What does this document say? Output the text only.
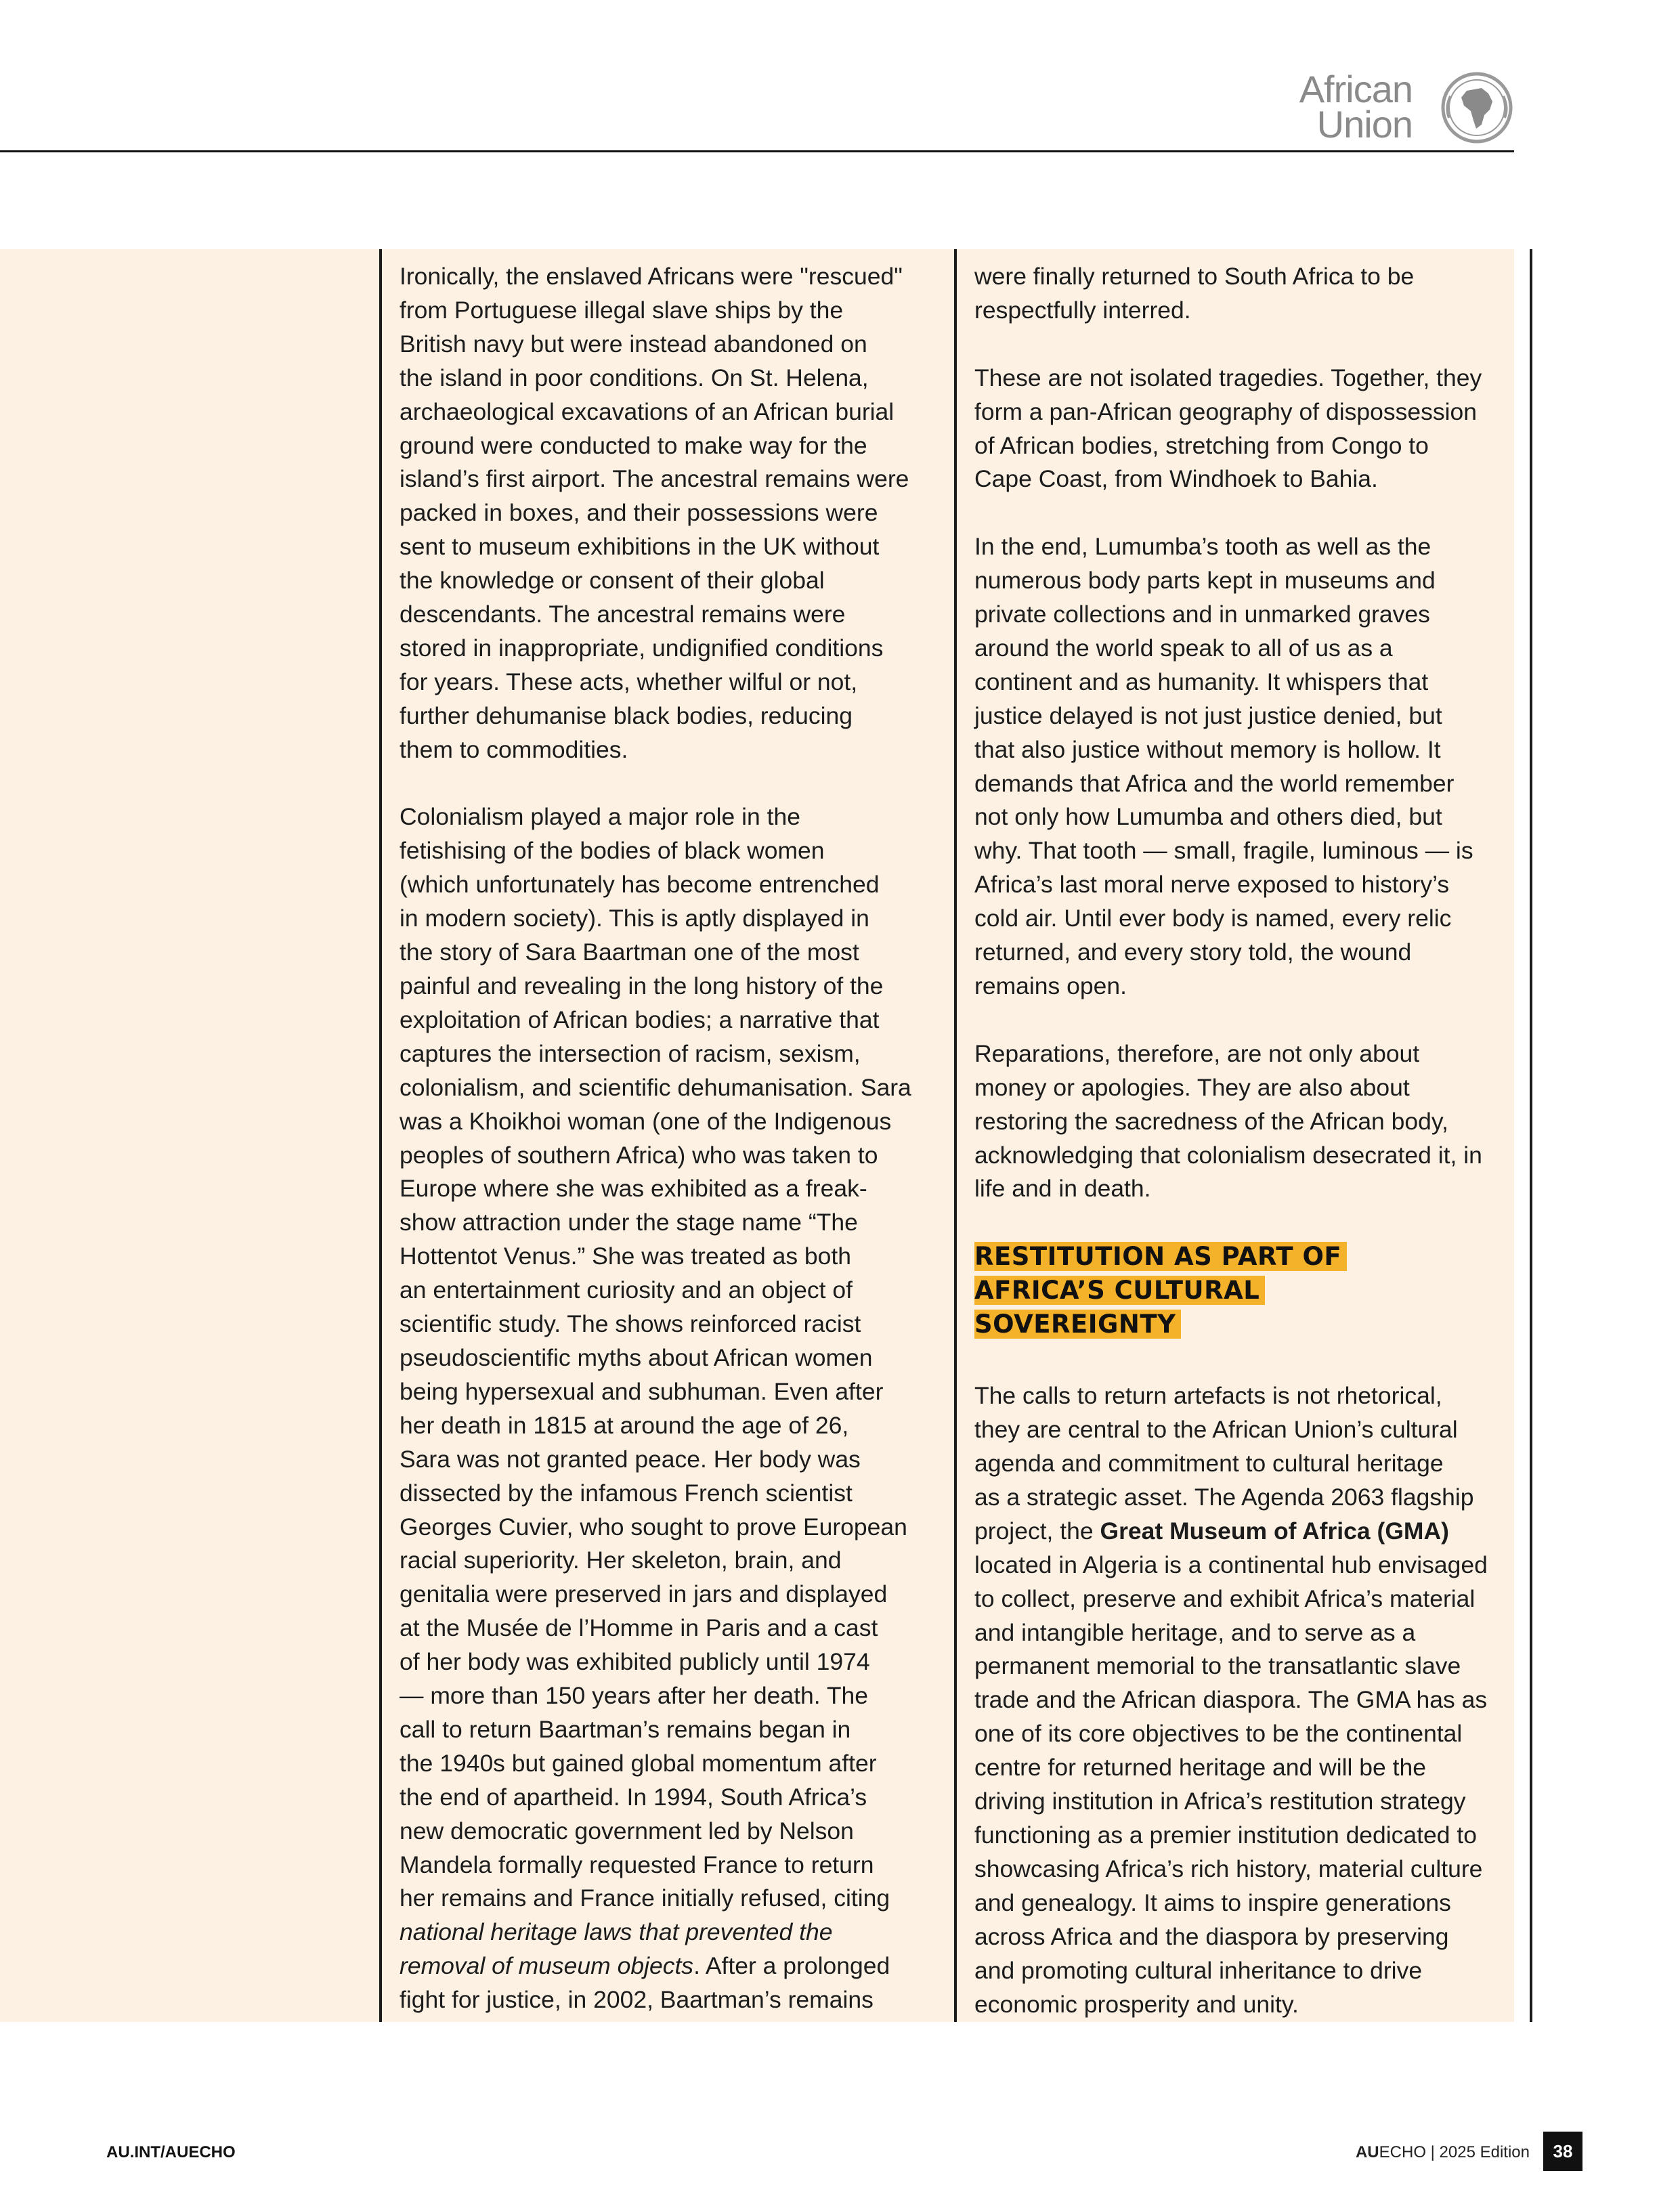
African
Union

Ironically, the enslaved Africans were "rescued"
from Portuguese illegal slave ships by the
British navy but were instead abandoned on
the island in poor conditions. On St. Helena,
archaeological excavations of an African burial
ground were conducted to make way for the
island’s first airport. The ancestral remains were
packed in boxes, and their possessions were
sent to museum exhibitions in the UK without
the knowledge or consent of their global
descendants. The ancestral remains were
stored in inappropriate, undignified conditions
for years. These acts, whether wilful or not,
further dehumanise black bodies, reducing
them to commodities.

Colonialism played a major role in the
fetishising of the bodies of black women
(which unfortunately has become entrenched
in modern society). This is aptly displayed in
the story of Sara Baartman one of the most
painful and revealing in the long history of the
exploitation of African bodies; a narrative that
captures the intersection of racism, sexism,
colonialism, and scientific dehumanisation. Sara
was a Khoikhoi woman (one of the Indigenous
peoples of southern Africa) who was taken to
Europe where she was exhibited as a freak-
show attraction under the stage name “The
Hottentot Venus.” She was treated as both
an entertainment curiosity and an object of
scientific study. The shows reinforced racist
pseudoscientific myths about African women
being hypersexual and subhuman. Even after
her death in 1815 at around the age of 26,
Sara was not granted peace. Her body was
dissected by the infamous French scientist
Georges Cuvier, who sought to prove European
racial superiority. Her skeleton, brain, and
genitalia were preserved in jars and displayed
at the Musée de l’Homme in Paris and a cast
of her body was exhibited publicly until 1974
— more than 150 years after her death. The
call to return Baartman’s remains began in
the 1940s but gained global momentum after
the end of apartheid. In 1994, South Africa’s
new democratic government led by Nelson
Mandela formally requested France to return
her remains and France initially refused, citing
national heritage laws that prevented the
removal of museum objects. After a prolonged
fight for justice, in 2002, Baartman’s remains

were finally returned to South Africa to be
respectfully interred.

These are not isolated tragedies. Together, they
form a pan-African geography of dispossession
of African bodies, stretching from Congo to
Cape Coast, from Windhoek to Bahia.

In the end, Lumumba’s tooth as well as the
numerous body parts kept in museums and
private collections and in unmarked graves
around the world speak to all of us as a
continent and as humanity. It whispers that
justice delayed is not just justice denied, but
that also justice without memory is hollow. It
demands that Africa and the world remember
not only how Lumumba and others died, but
why. That tooth — small, fragile, luminous — is
Africa’s last moral nerve exposed to history’s
cold air. Until ever body is named, every relic
returned, and every story told, the wound
remains open.

Reparations, therefore, are not only about
money or apologies. They are also about
restoring the sacredness of the African body,
acknowledging that colonialism desecrated it, in
life and in death.

RESTITUTION AS PART OF
AFRICA’S CULTURAL
SOVEREIGNTY

The calls to return artefacts is not rhetorical,
they are central to the African Union’s cultural
agenda and commitment to cultural heritage
as a strategic asset. The Agenda 2063 flagship
project, the Great Museum of Africa (GMA)
located in Algeria is a continental hub envisaged
to collect, preserve and exhibit Africa’s material
and intangible heritage, and to serve as a
permanent memorial to the transatlantic slave
trade and the African diaspora. The GMA has as
one of its core objectives to be the continental
centre for returned heritage and will be the
driving institution in Africa’s restitution strategy
functioning as a premier institution dedicated to
showcasing Africa’s rich history, material culture
and genealogy. It aims to inspire generations
across Africa and the diaspora by preserving
and promoting cultural inheritance to drive
economic prosperity and unity.

AU.INT/AUECHO	AUECHO | 2025 Edition	38
